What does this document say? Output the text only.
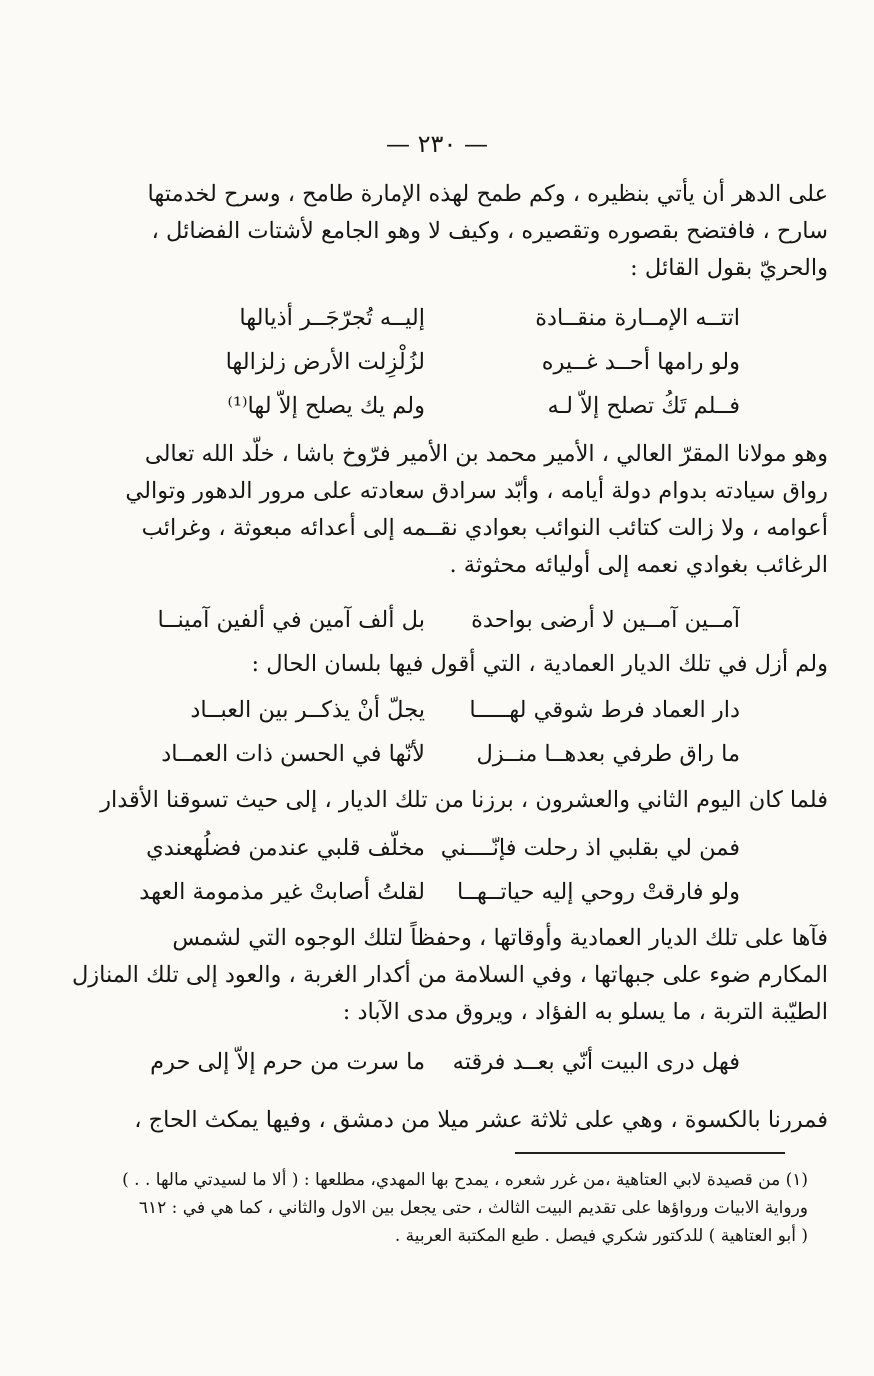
— ٢٣٠ —
على الدهر أن يأتي بنظيره ، وكم طمح لهذه الإمارة طامح ، وسرح لخدمتها
سارح ، فافتضح بقصوره وتقصيره ، وكيف لا وهو الجامع لأشتات الفضائل ،
والحريّ بقول القائل :
اتتــه الإمــارة منقــادة
إليــه تُجرّجَــر أذيالها
ولو رامها أحــد غــيره
لزُلْزِلت الأرض زلزالها
فــلم تَكُ تصلح إلاّ لـه
ولم يك يصلح إلاّ لها⁽¹⁾
وهو مولانا المقرّ العالي ، الأمير محمد بن الأمير فرّوخ باشا ، خلّد الله تعالى
رواق سيادته بدوام دولة أيامه ، وأبّد سرادق سعادته على مرور الدهور وتوالي
أعوامه ، ولا زالت كتائب النوائب بعوادي نقــمه إلى أعدائه مبعوثة ، وغرائب
الرغائب بغوادي نعمه إلى أوليائه محثوثة .
آمــين آمــين لا أرضى بواحدة
بل ألف آمين في ألفين آمينــا
ولم أزل في تلك الديار العمادية ، التي أقول فيها بلسان الحال :
دار العماد فرط شوقي لهـــــا
يجلّ أنْ يذكــر بين العبــاد
ما راق طرفي بعدهــا منــزل
لأنّها في الحسن ذات العمــاد
فلما كان اليوم الثاني والعشرون ، برزنا من تلك الديار ، إلى حيث تسوقنا الأقدار
فمن لي بقلبي اذ رحلت فإنّــــني
مخلّف قلبي عندمن فضلُهعندي
ولو فارقتْ روحي إليه حياتــهــا
لقلتُ أصابتْ غير مذمومة العهد
فآها على تلك الديار العمادية وأوقاتها ، وحفظاً لتلك الوجوه التي لشمس
المكارم ضوء على جبهاتها ، وفي السلامة من أكدار الغربة ، والعود إلى تلك المنازل
الطيّبة التربة ، ما يسلو به الفؤاد ، ويروق مدى الآباد :
فهل درى البيت أنّي بعــد فرقته
ما سرت من حرم إلاّ إلى حرم
فمررنا بالكسوة ، وهي على ثلاثة عشر ميلا من دمشق ، وفيها يمكث الحاج ،
(١) من قصيدة لابي العتاهية ،من غرر شعره ، يمدح بها المهدي، مطلعها : ( ألا ما لسيدتي مالها . . )
ورواية الابيات ورواؤها على تقديم البيت الثالث ، حتى يجعل بين الاول والثاني ، كما هي في : ٦١٢
( أبو العتاهية ) للدكتور شكري فيصل . طبع المكتبة العربية .
